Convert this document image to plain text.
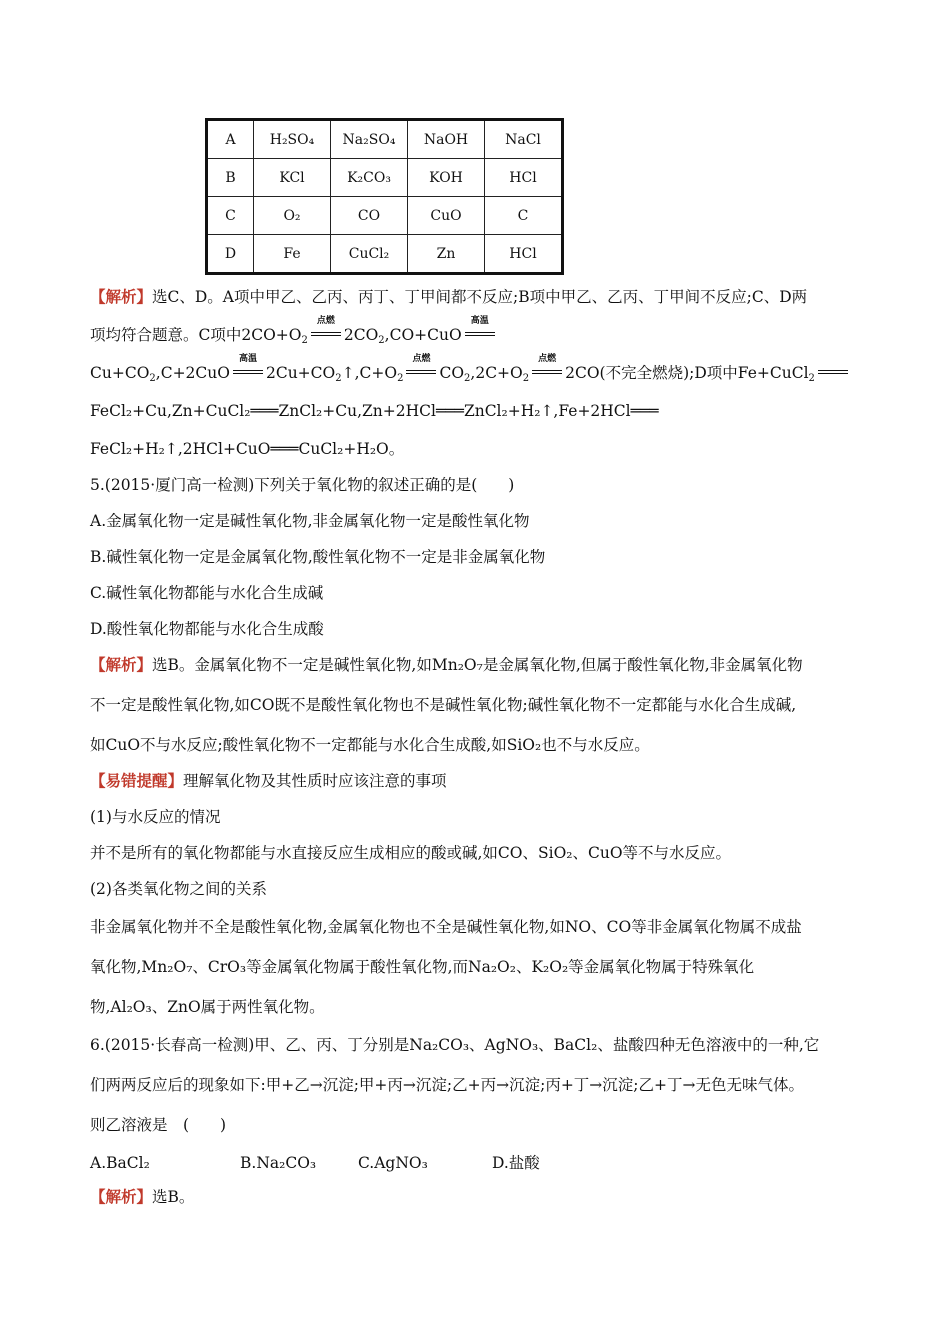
A	H₂SO₄	Na₂SO₄	NaOH	NaCl
B	KCl	K₂CO₃	KOH	HCl
C	O₂	CO	CuO	C
D	Fe	CuCl₂	Zn	HCl
【解析】选C、D。A项中甲乙、乙丙、丙丁、丁甲间都不反应;B项中甲乙、乙丙、丁甲间不反应;C、D两
项均符合题意。C项中$2CO+O_2$
点燃
$2CO_2,CO+CuO$
高温
$Cu+CO_2,C+2CuO$
高温
$2Cu+CO_2↑,C+O_2$
点燃
$CO_2,2C+O_2$
点燃
2CO(不完全燃烧);D项中Fe+CuCl$_2$
FeCl₂+Cu,Zn+CuCl₂═══ZnCl₂+Cu,Zn+2HCl═══ZnCl₂+H₂↑,Fe+2HCl═══
FeCl₂+H₂↑,2HCl+CuO═══CuCl₂+H₂O。
5.(2015·厦门高一检测)下列关于氧化物的叙述正确的是(　　)
A.金属氧化物一定是碱性氧化物,非金属氧化物一定是酸性氧化物
B.碱性氧化物一定是金属氧化物,酸性氧化物不一定是非金属氧化物
C.碱性氧化物都能与水化合生成碱
D.酸性氧化物都能与水化合生成酸
【解析】选B。金属氧化物不一定是碱性氧化物,如Mn₂O₇是金属氧化物,但属于酸性氧化物,非金属氧化物
不一定是酸性氧化物,如CO既不是酸性氧化物也不是碱性氧化物;碱性氧化物不一定都能与水化合生成碱,
如CuO不与水反应;酸性氧化物不一定都能与水化合生成酸,如SiO₂也不与水反应。
【易错提醒】理解氧化物及其性质时应该注意的事项
(1)与水反应的情况
并不是所有的氧化物都能与水直接反应生成相应的酸或碱,如CO、SiO₂、CuO等不与水反应。
(2)各类氧化物之间的关系
非金属氧化物并不全是酸性氧化物,金属氧化物也不全是碱性氧化物,如NO、CO等非金属氧化物属不成盐
氧化物,Mn₂O₇、CrO₃等金属氧化物属于酸性氧化物,而Na₂O₂、K₂O₂等金属氧化物属于特殊氧化
物,Al₂O₃、ZnO属于两性氧化物。
6.(2015·长春高一检测)甲、乙、丙、丁分别是Na₂CO₃、AgNO₃、BaCl₂、盐酸四种无色溶液中的一种,它
们两两反应后的现象如下:甲+乙→沉淀;甲+丙→沉淀;乙+丙→沉淀;丙+丁→沉淀;乙+丁→无色无味气体。
则乙溶液是　(　　)
A.BaCl₂	B.Na₂CO₃	C.AgNO₃	D.盐酸
【解析】选B。
